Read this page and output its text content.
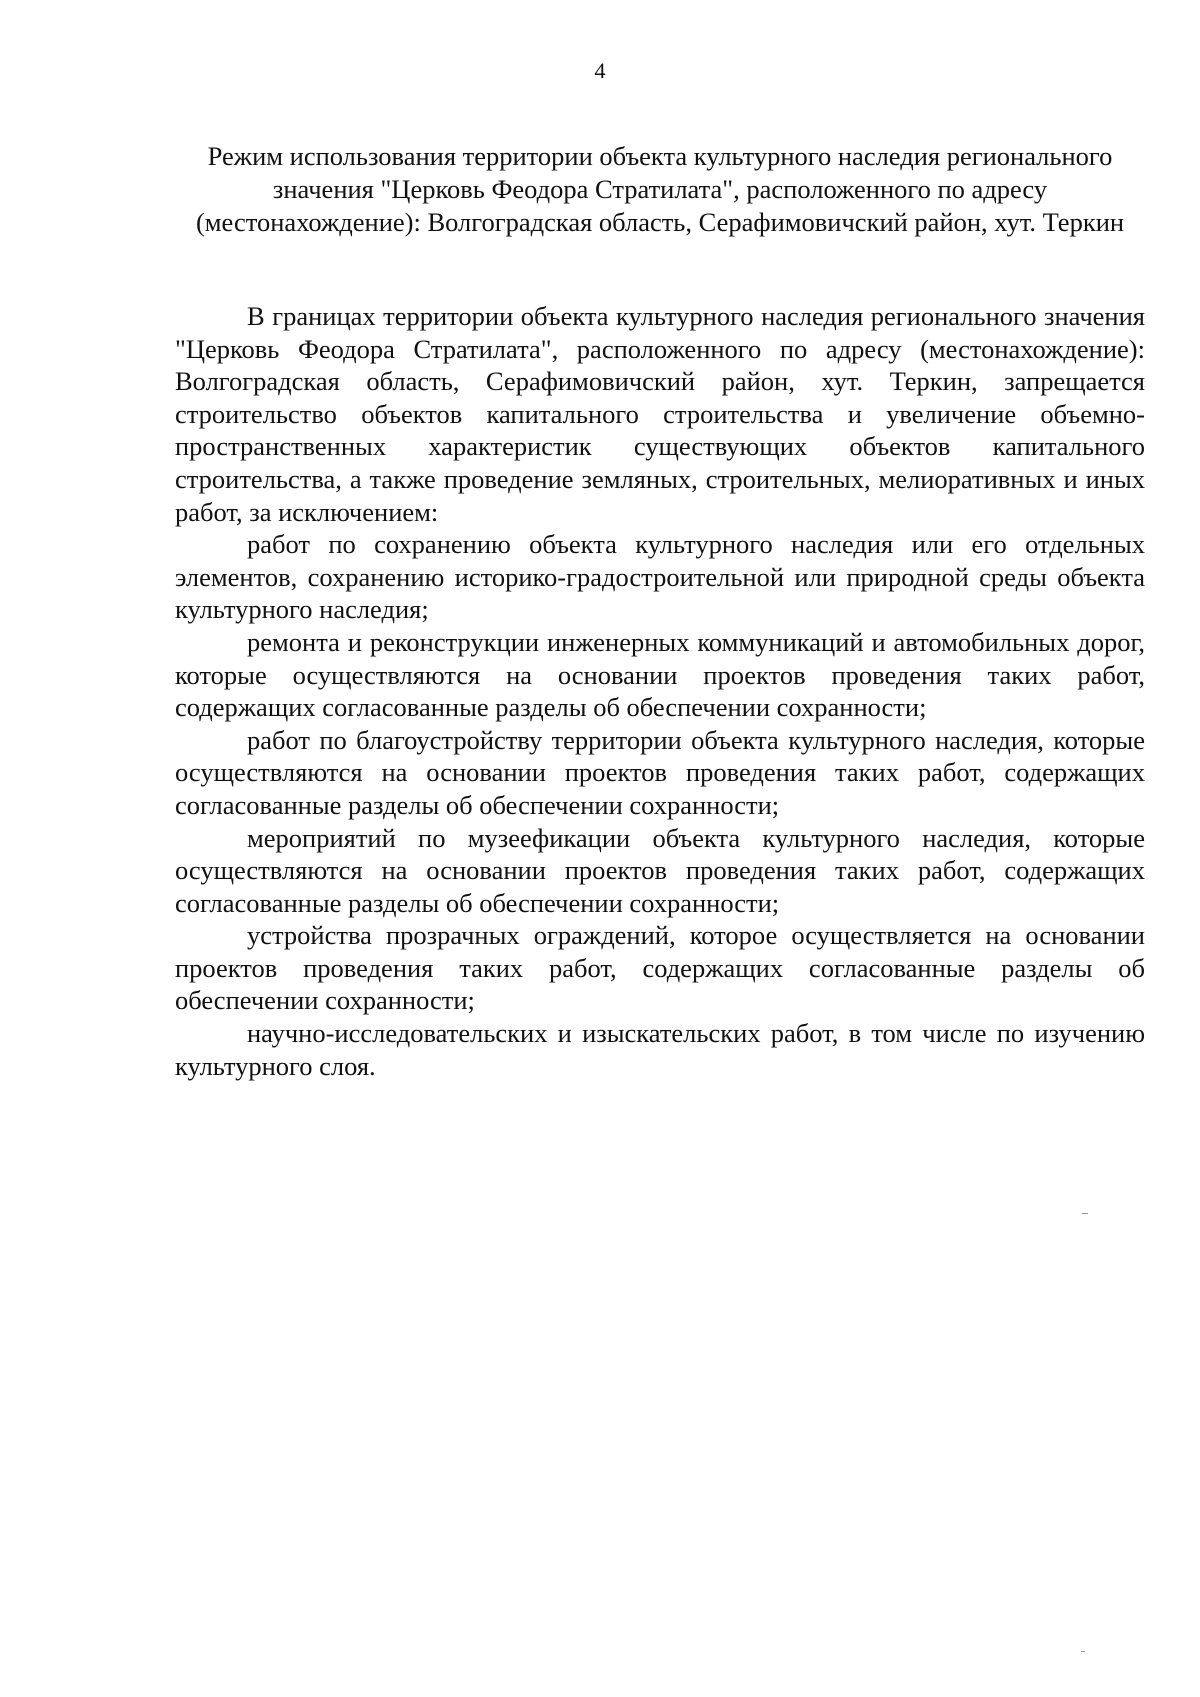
4
Режим использования территории объекта культурного наследия регионального значения "Церковь Феодора Стратилата", расположенного по адресу (местонахождение): Волгоградская область, Серафимовичский район, хут. Теркин

В границах территории объекта культурного наследия регионального значения "Церковь Феодора Стратилата", расположенного по адресу (местонахождение): Волгоградская область, Серафимовичский район, хут. Теркин, запрещается строительство объектов капитального строительства и увеличение объемно-пространственных характеристик существующих объектов капитального строительства, а также проведение земляных, строительных, мелиоративных и иных работ, за исключением:

работ по сохранению объекта культурного наследия или его отдельных элементов, сохранению историко-градостроительной или природной среды объекта культурного наследия;

ремонта и реконструкции инженерных коммуникаций и автомобильных дорог, которые осуществляются на основании проектов проведения таких работ, содержащих согласованные разделы об обеспечении сохранности;

работ по благоустройству территории объекта культурного наследия, которые осуществляются на основании проектов проведения таких работ, содержащих согласованные разделы об обеспечении сохранности;

мероприятий по музеефикации объекта культурного наследия, которые осуществляются на основании проектов проведения таких работ, содержащих согласованные разделы об обеспечении сохранности;

устройства прозрачных ограждений, которое осуществляется на основании проектов проведения таких работ, содержащих согласованные разделы об обеспечении сохранности;

научно-исследовательских и изыскательских работ, в том числе по изучению культурного слоя.
